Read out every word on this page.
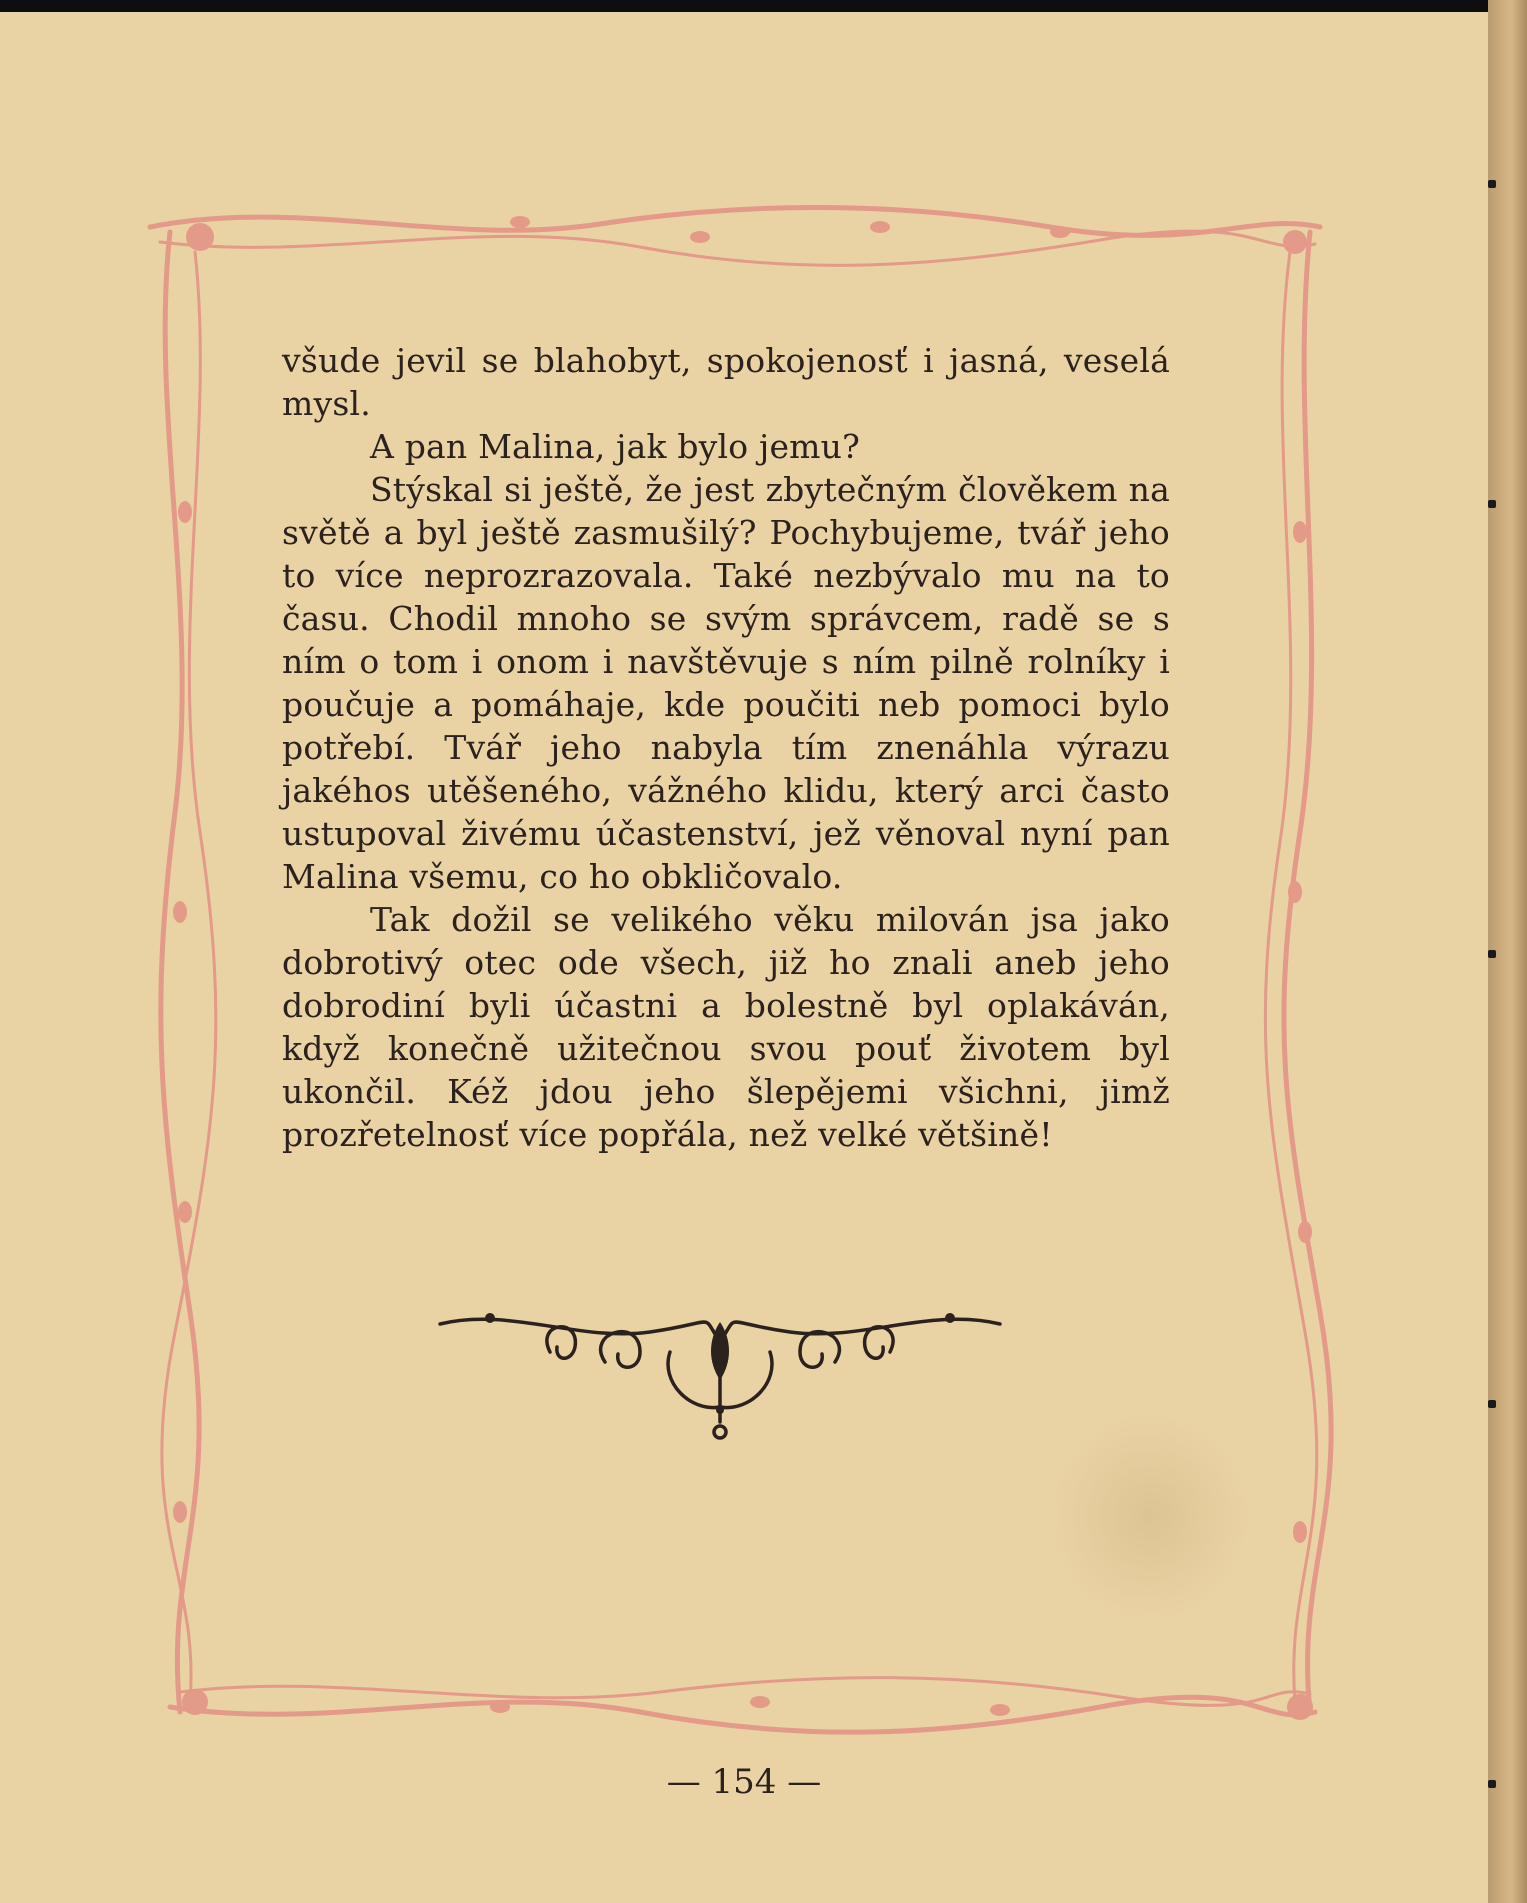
všude jevil se blahobyt, spokojenosť i jasná, veselá mysl.

A pan Malina, jak bylo jemu?

Stýskal si ještě, že jest zbytečným člověkem na světě a byl ještě zasmušilý? Pochybujeme, tvář jeho to více neprozrazovala. Také nezbývalo mu na to času. Chodil mnoho se svým správcem, radě se s ním o tom i onom i navštěvuje s ním pilně rolníky i poučuje a pomáhaje, kde poučiti neb pomoci bylo potřebí. Tvář jeho nabyla tím znenáhla výrazu jakéhos utěšeného, vážného klidu, který arci často ustupoval živému účastenství, jež věnoval nyní pan Malina všemu, co ho obkličovalo.

Tak dožil se velikého věku milován jsa jako dobrotivý otec ode všech, již ho znali aneb jeho dobrodiní byli účastni a bolestně byl oplakáván, když konečně užitečnou svou pouť životem byl ukončil. Kéž jdou jeho šlepějemi všichni, jimž prozřetelnosť více popřála, než velké většině!

— 154 —
